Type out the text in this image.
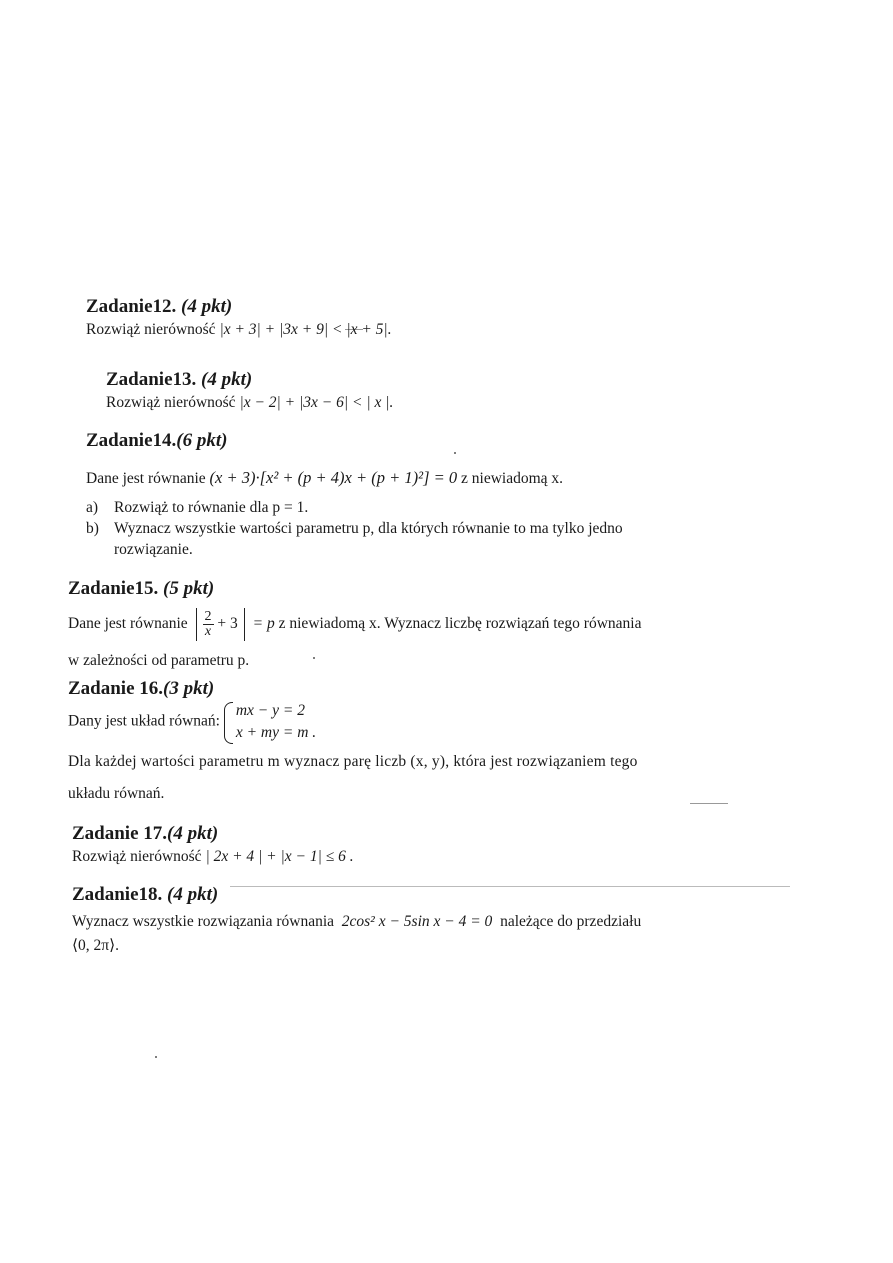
Zadanie12. (4 pkt)
Rozwiąż nierówność |x + 3| + |3x + 9| < |x + 5|.
Zadanie13. (4 pkt)
Rozwiąż nierówność |x − 2| + |3x − 6| < | x |.
Zadanie14.(6 pkt)
Dane jest równanie (x + 3)·[x² + (p + 4)x + (p + 1)²] = 0 z niewiadomą x.
a)	Rozwiąż to równanie dla p = 1.
b) Wyznacz wszystkie wartości parametru p, dla których równanie to ma tylko jedno
rozwiązanie.
Zadanie15. (5 pkt)
Dane jest równanie $\frac{2}{x} + 3 = p$ z niewiadomą x. Wyznacz liczbę rozwiązań tego równania
w zależności od parametru p.
Zadanie 16.(3 pkt)
Dany jest układ równań:
mx − y = 2
x + my = m .
Dla każdej wartości parametru m wyznacz parę liczb (x, y), która jest rozwiązaniem tego
układu równań.
Zadanie 17.(4 pkt)
Rozwiąż nierówność | 2x + 4 | + |x − 1| ≤ 6 .
Zadanie18. (4 pkt)
Wyznacz wszystkie rozwiązania równania 2cos² x − 5sin x − 4 = 0 należące do przedziału
⟨0, 2π⟩.
